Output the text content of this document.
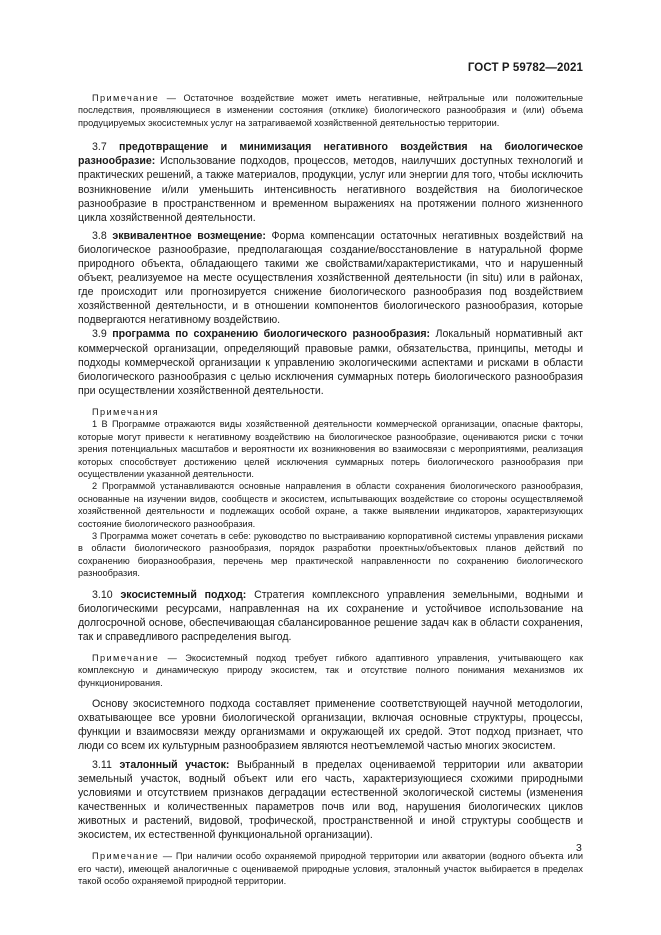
ГОСТ Р 59782—2021

Примечание — Остаточное воздействие может иметь негативные, нейтральные или положительные последствия, проявляющиеся в изменении состояния (отклике) биологического разнообразия и (или) объема продуцируемых экосистемных услуг на затрагиваемой хозяйственной деятельностью территории.

3.7 предотвращение и минимизация негативного воздействия на биологическое разнообразие: Использование подходов, процессов, методов, наилучших доступных технологий и практических решений, а также материалов, продукции, услуг или энергии для того, чтобы исключить возникновение и/или уменьшить интенсивность негативного воздействия на биологическое разнообразие в пространственном и временном выражениях на протяжении полного жизненного цикла хозяйственной деятельности.

3.8 эквивалентное возмещение: Форма компенсации остаточных негативных воздействий на биологическое разнообразие, предполагающая создание/восстановление в натуральной форме природного объекта, обладающего такими же свойствами/характеристиками, что и нарушенный объект, реализуемое на месте осуществления хозяйственной деятельности (in situ) или в районах, где происходит или прогнозируется снижение биологического разнообразия под воздействием хозяйственной деятельности, и в отношении компонентов биологического разнообразия, которые подвергаются негативному воздействию.

3.9 программа по сохранению биологического разнообразия: Локальный нормативный акт коммерческой организации, определяющий правовые рамки, обязательства, принципы, методы и подходы коммерческой организации к управлению экологическими аспектами и рисками в области биологического разнообразия с целью исключения суммарных потерь биологического разнообразия при осуществлении хозяйственной деятельности.

Примечания

1 В Программе отражаются виды хозяйственной деятельности коммерческой организации, опасные факторы, которые могут привести к негативному воздействию на биологическое разнообразие, оцениваются риски с точки зрения потенциальных масштабов и вероятности их возникновения во взаимосвязи с мероприятиями, реализация которых способствует достижению целей исключения суммарных потерь биологического разнообразия при осуществлении указанной деятельности.

2 Программой устанавливаются основные направления в области сохранения биологического разнообразия, основанные на изучении видов, сообществ и экосистем, испытывающих воздействие со стороны осуществляемой хозяйственной деятельности и подлежащих особой охране, а также выявлении индикаторов, характеризующих состояние биологического разнообразия.

3 Программа может сочетать в себе: руководство по выстраиванию корпоративной системы управления рисками в области биологического разнообразия, порядок разработки проектных/объектовых планов действий по сохранению биоразнообразия, перечень мер практической направленности по сохранению биологического разнообразия.

3.10 экосистемный подход: Стратегия комплексного управления земельными, водными и биологическими ресурсами, направленная на их сохранение и устойчивое использование на долгосрочной основе, обеспечивающая сбалансированное решение задач как в области сохранения, так и справедливого распределения выгод.

Примечание — Экосистемный подход требует гибкого адаптивного управления, учитывающего как комплексную и динамическую природу экосистем, так и отсутствие полного понимания механизмов их функционирования.

Основу экосистемного подхода составляет применение соответствующей научной методологии, охватывающее все уровни биологической организации, включая основные структуры, процессы, функции и взаимосвязи между организмами и окружающей их средой. Этот подход признает, что люди со всем их культурным разнообразием являются неотъемлемой частью многих экосистем.

3.11 эталонный участок: Выбранный в пределах оцениваемой территории или акватории земельный участок, водный объект или его часть, характеризующиеся схожими природными условиями и отсутствием признаков деградации естественной экологической системы (изменения качественных и количественных параметров почв или вод, нарушения биологических циклов животных и растений, видовой, трофической, пространственной и иной структуры сообществ и экосистем, их естественной функциональной организации).

Примечание — При наличии особо охраняемой природной территории или акватории (водного объекта или его части), имеющей аналогичные с оцениваемой природные условия, эталонный участок выбирается в пределах такой особо охраняемой природной территории.

3
